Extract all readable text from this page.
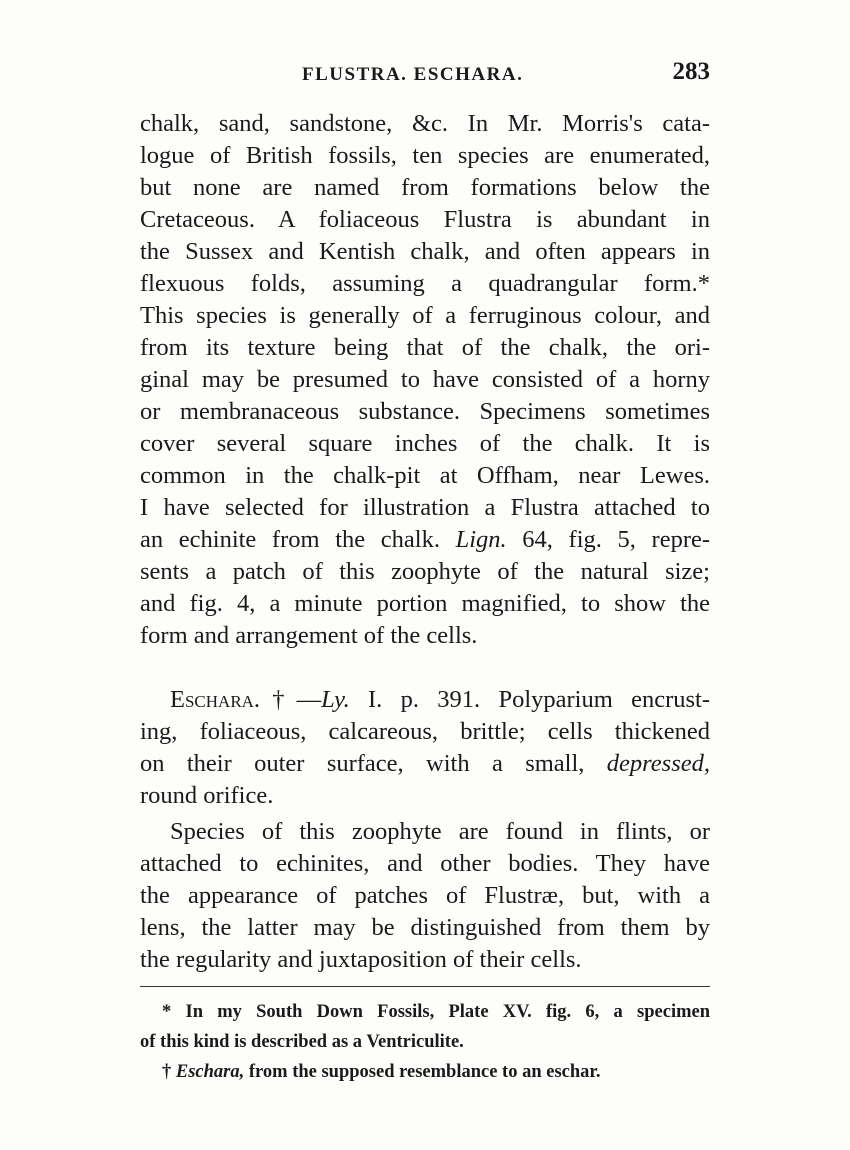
FLUSTRA. ESCHARA.	283
chalk, sand, sandstone, &c. In Mr. Morris's cata-
logue of British fossils, ten species are enumerated,
but none are named from formations below the
Cretaceous. A foliaceous Flustra is abundant in
the Sussex and Kentish chalk, and often appears in
flexuous folds, assuming a quadrangular form.*
This species is generally of a ferruginous colour, and
from its texture being that of the chalk, the ori-
ginal may be presumed to have consisted of a horny
or membranaceous substance. Specimens sometimes
cover several square inches of the chalk. It is
common in the chalk-pit at Offham, near Lewes.
I have selected for illustration a Flustra attached to
an echinite from the chalk. Lign. 64, fig. 5, repre-
sents a patch of this zoophyte of the natural size;
and fig. 4, a minute portion magnified, to show the
form and arrangement of the cells.
Eschara.†—Ly. I. p. 391. Polyparium encrust-
ing, foliaceous, calcareous, brittle; cells thickened
on their outer surface, with a small, depressed,
round orifice.
Species of this zoophyte are found in flints, or
attached to echinites, and other bodies. They have
the appearance of patches of Flustræ, but, with a
lens, the latter may be distinguished from them by
the regularity and juxtaposition of their cells.
* In my South Down Fossils, Plate XV. fig. 6, a specimen
of this kind is described as a Ventriculite.
† Eschara, from the supposed resemblance to an eschar.
